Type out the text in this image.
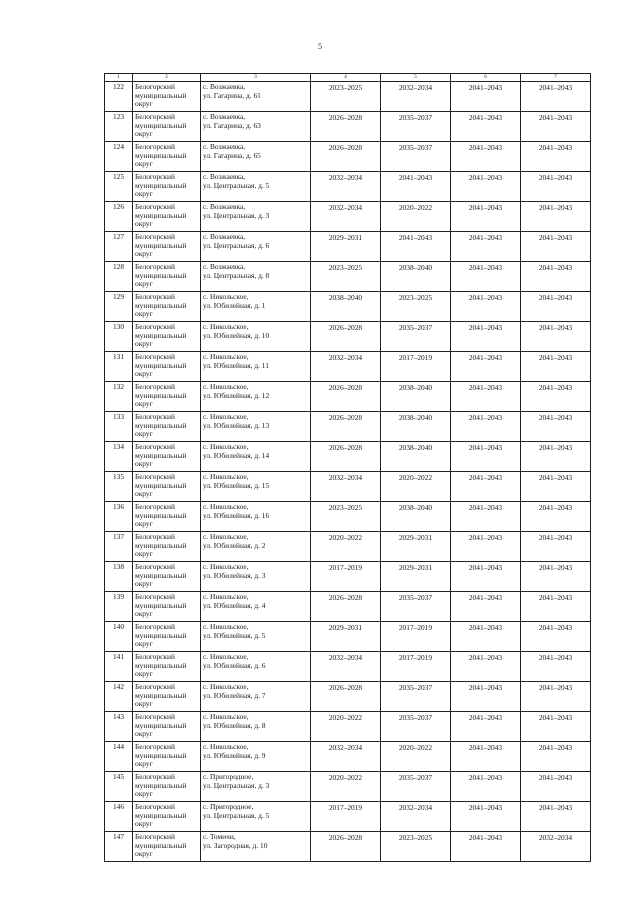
5
1	2	3	4	5	6	7
122	Белогорский
муниципальный
округ	с. Возжаевка,
ул. Гагарина, д. 61	2023–2025	2032–2034	2041–2043	2041–2043
123	Белогорский
муниципальный
округ	с. Возжаевка,
ул. Гагарина, д. 63	2026–2028	2035–2037	2041–2043	2041–2043
124	Белогорский
муниципальный
округ	с. Возжаевка,
ул. Гагарина, д. 65	2026–2028	2035–2037	2041–2043	2041–2043
125	Белогорский
муниципальный
округ	с. Возжаевка,
ул. Центральная, д. 5	2032–2034	2041–2043	2041–2043	2041–2043
126	Белогорский
муниципальный
округ	с. Возжаевка,
ул. Центральная, д. 3	2032–2034	2020–2022	2041–2043	2041–2043
127	Белогорский
муниципальный
округ	с. Возжаевка,
ул. Центральная, д. 6	2029–2031	2041–2043	2041–2043	2041–2043
128	Белогорский
муниципальный
округ	с. Возжаевка,
ул. Центральная, д. 8	2023–2025	2038–2040	2041–2043	2041–2043
129	Белогорский
муниципальный
округ	с. Никольское,
ул. Юбилейная, д. 1	2038–2040	2023–2025	2041–2043	2041–2043
130	Белогорский
муниципальный
округ	с. Никольское,
ул. Юбилейная, д. 10	2026–2028	2035–2037	2041–2043	2041–2043
131	Белогорский
муниципальный
округ	с. Никольское,
ул. Юбилейная, д. 11	2032–2034	2017–2019	2041–2043	2041–2043
132	Белогорский
муниципальный
округ	с. Никольское,
ул. Юбилейная, д. 12	2026–2028	2038–2040	2041–2043	2041–2043
133	Белогорский
муниципальный
округ	с. Никольское,
ул. Юбилейная, д. 13	2026–2028	2038–2040	2041–2043	2041–2043
134	Белогорский
муниципальный
округ	с. Никольское,
ул. Юбилейная, д. 14	2026–2028	2038–2040	2041–2043	2041–2043
135	Белогорский
муниципальный
округ	с. Никольское,
ул. Юбилейная, д. 15	2032–2034	2020–2022	2041–2043	2041–2043
136	Белогорский
муниципальный
округ	с. Никольское,
ул. Юбилейная, д. 16	2023–2025	2038–2040	2041–2043	2041–2043
137	Белогорский
муниципальный
округ	с. Никольское,
ул. Юбилейная, д. 2	2020–2022	2029–2031	2041–2043	2041–2043
138	Белогорский
муниципальный
округ	с. Никольское,
ул. Юбилейная, д. 3	2017–2019	2029–2031	2041–2043	2041–2043
139	Белогорский
муниципальный
округ	с. Никольское,
ул. Юбилейная, д. 4	2026–2028	2035–2037	2041–2043	2041–2043
140	Белогорский
муниципальный
округ	с. Никольское,
ул. Юбилейная, д. 5	2029–2031	2017–2019	2041–2043	2041–2043
141	Белогорский
муниципальный
округ	с. Никольское,
ул. Юбилейная, д. 6	2032–2034	2017–2019	2041–2043	2041–2043
142	Белогорский
муниципальный
округ	с. Никольское,
ул. Юбилейная, д. 7	2026–2028	2035–2037	2041–2043	2041–2043
143	Белогорский
муниципальный
округ	с. Никольское,
ул. Юбилейная, д. 8	2020–2022	2035–2037	2041–2043	2041–2043
144	Белогорский
муниципальный
округ	с. Никольское,
ул. Юбилейная, д. 9	2032–2034	2020–2022	2041–2043	2041–2043
145	Белогорский
муниципальный
округ	с. Пригородное,
ул. Центральная, д. 3	2020–2022	2035–2037	2041–2043	2041–2043
146	Белогорский
муниципальный
округ	с. Пригородное,
ул. Центральная, д. 5	2017–2019	2032–2034	2041–2043	2041–2043
147	Белогорский
муниципальный
округ	с. Томичи,
ул. Загородная, д. 10	2026–2028	2023–2025	2041–2043	2032–2034
